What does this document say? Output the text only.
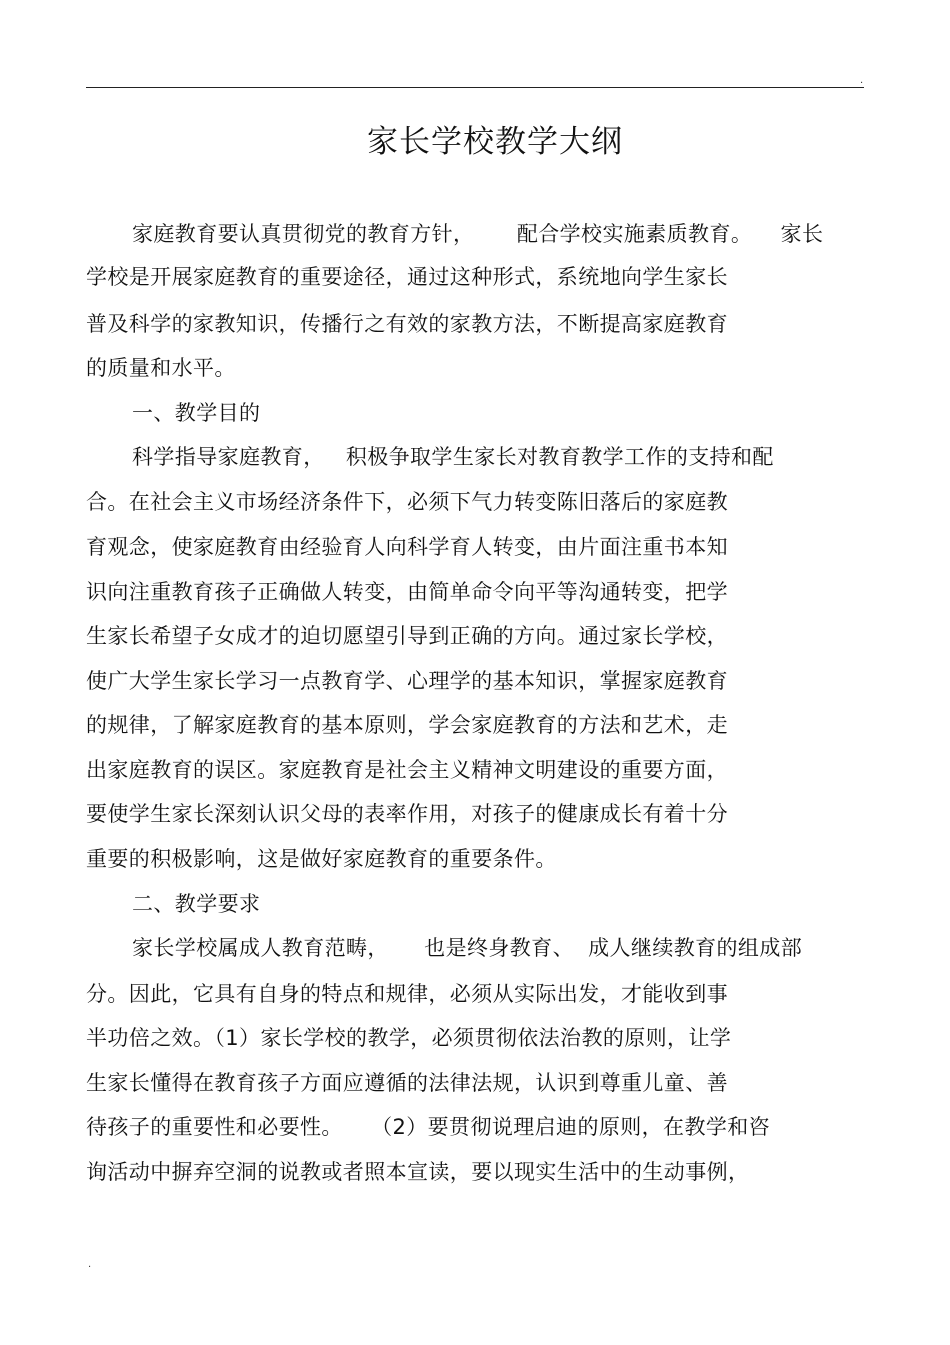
.
家长学校教学大纲
家庭教育要认真贯彻党的教育方针，      配合学校实施素质教育。    家长
学校是开展家庭教育的重要途径，通过这种形式，系统地向学生家长
普及科学的家教知识，传播行之有效的家教方法，不断提高家庭教育
的质量和水平。
一、教学目的
科学指导家庭教育，   积极争取学生家长对教育教学工作的支持和配
合。在社会主义市场经济条件下，必须下气力转变陈旧落后的家庭教
育观念，使家庭教育由经验育人向科学育人转变，由片面注重书本知
识向注重教育孩子正确做人转变，由简单命令向平等沟通转变，把学
生家长希望子女成才的迫切愿望引导到正确的方向。通过家长学校，
使广大学生家长学习一点教育学、心理学的基本知识，掌握家庭教育
的规律，了解家庭教育的基本原则，学会家庭教育的方法和艺术，走
出家庭教育的误区。家庭教育是社会主义精神文明建设的重要方面，
要使学生家长深刻认识父母的表率作用，对孩子的健康成长有着十分
重要的积极影响，这是做好家庭教育的重要条件。
二、教学要求
家长学校属成人教育范畴，     也是终身教育、  成人继续教育的组成部
分。因此，它具有自身的特点和规律，必须从实际出发，才能收到事
半功倍之效。（1）家长学校的教学，必须贯彻依法治教的原则，让学
生家长懂得在教育孩子方面应遵循的法律法规，认识到尊重儿童、善
待孩子的重要性和必要性。    （2）要贯彻说理启迪的原则，在教学和咨
询活动中摒弃空洞的说教或者照本宣读，要以现实生活中的生动事例，
.
